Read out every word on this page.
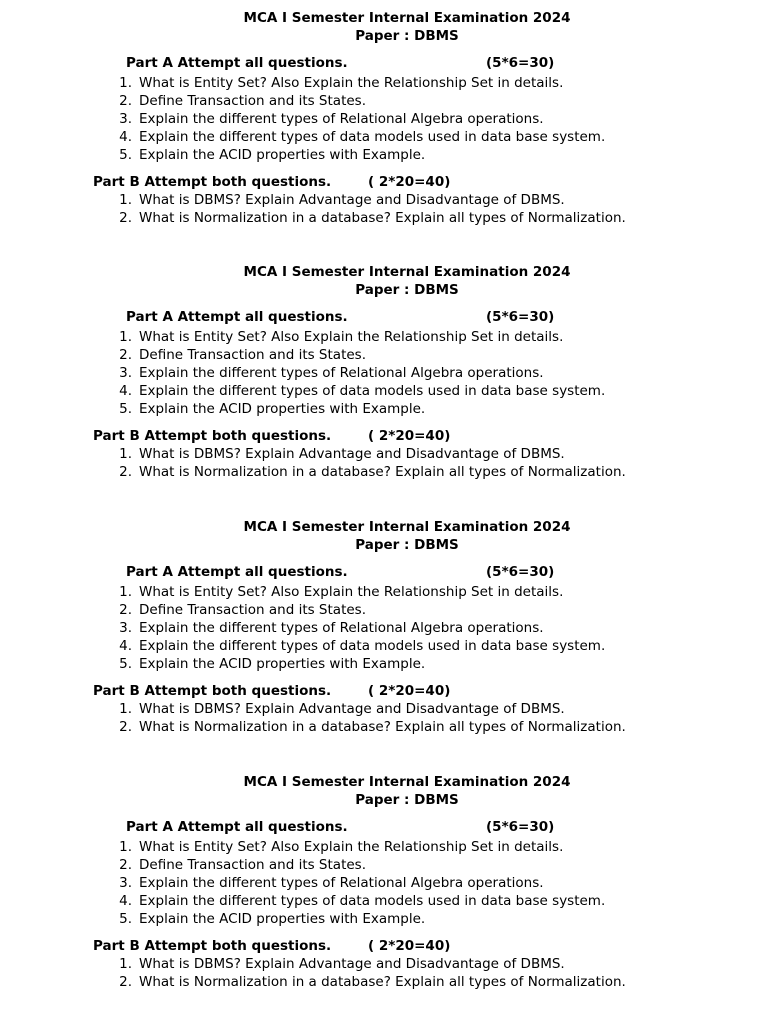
MCA I Semester Internal Examination 2024
Paper : DBMS
Part A Attempt all questions.	(5*6=30)
1. What is Entity Set? Also Explain the Relationship Set in details.
2. Define Transaction and its States.
3. Explain the different types of Relational Algebra operations.
4. Explain the different types of data models used in data base system.
5. Explain the ACID properties with Example.
Part B Attempt both questions.	( 2*20=40)
1. What is DBMS? Explain Advantage and Disadvantage of DBMS.
2. What is Normalization in a database? Explain all types of Normalization.
MCA I Semester Internal Examination 2024
Paper : DBMS
Part A Attempt all questions.	(5*6=30)
1. What is Entity Set? Also Explain the Relationship Set in details.
2. Define Transaction and its States.
3. Explain the different types of Relational Algebra operations.
4. Explain the different types of data models used in data base system.
5. Explain the ACID properties with Example.
Part B Attempt both questions.	( 2*20=40)
1. What is DBMS? Explain Advantage and Disadvantage of DBMS.
2. What is Normalization in a database? Explain all types of Normalization.
MCA I Semester Internal Examination 2024
Paper : DBMS
Part A Attempt all questions.	(5*6=30)
1. What is Entity Set? Also Explain the Relationship Set in details.
2. Define Transaction and its States.
3. Explain the different types of Relational Algebra operations.
4. Explain the different types of data models used in data base system.
5. Explain the ACID properties with Example.
Part B Attempt both questions.	( 2*20=40)
1. What is DBMS? Explain Advantage and Disadvantage of DBMS.
2. What is Normalization in a database? Explain all types of Normalization.
MCA I Semester Internal Examination 2024
Paper : DBMS
Part A Attempt all questions.	(5*6=30)
1. What is Entity Set? Also Explain the Relationship Set in details.
2. Define Transaction and its States.
3. Explain the different types of Relational Algebra operations.
4. Explain the different types of data models used in data base system.
5. Explain the ACID properties with Example.
Part B Attempt both questions.	( 2*20=40)
1. What is DBMS? Explain Advantage and Disadvantage of DBMS.
2. What is Normalization in a database? Explain all types of Normalization.
